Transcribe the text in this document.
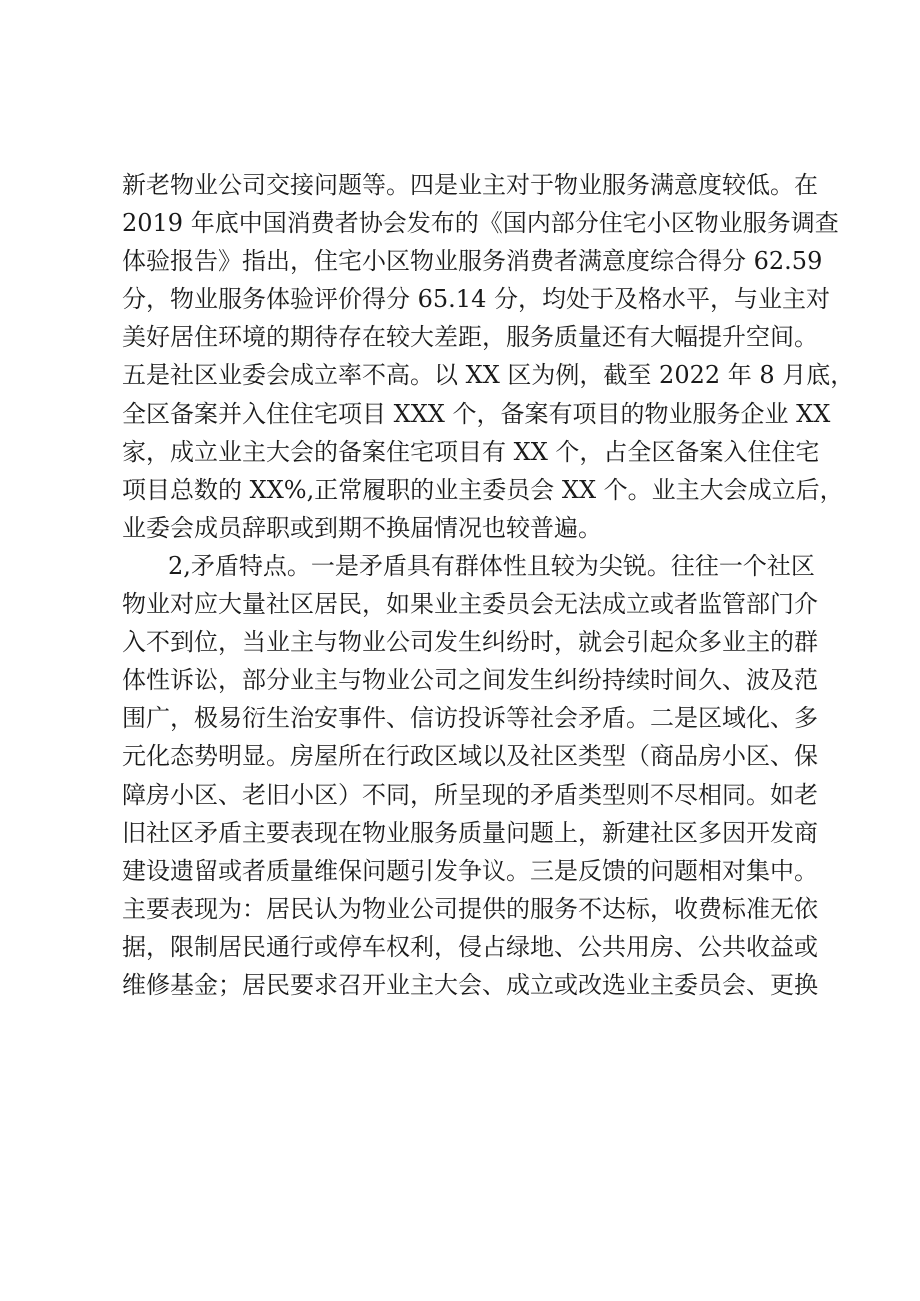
新老物业公司交接问题等。四是业主对于物业服务满意度较低。在
2019 年底中国消费者协会发布的《国内部分住宅小区物业服务调查
体验报告》指出，住宅小区物业服务消费者满意度综合得分 62.59
分，物业服务体验评价得分 65.14 分，均处于及格水平，与业主对
美好居住环境的期待存在较大差距，服务质量还有大幅提升空间。
五是社区业委会成立率不高。以 XX 区为例，截至 2022 年 8 月底，
全区备案并入住住宅项目 XXX 个，备案有项目的物业服务企业 XX
家，成立业主大会的备案住宅项目有 XX 个，占全区备案入住住宅
项目总数的 XX%,正常履职的业主委员会 XX 个。业主大会成立后，
业委会成员辞职或到期不换届情况也较普遍。
2,矛盾特点。一是矛盾具有群体性且较为尖锐。往往一个社区
物业对应大量社区居民，如果业主委员会无法成立或者监管部门介
入不到位，当业主与物业公司发生纠纷时，就会引起众多业主的群
体性诉讼，部分业主与物业公司之间发生纠纷持续时间久、波及范
围广，极易衍生治安事件、信访投诉等社会矛盾。二是区域化、多
元化态势明显。房屋所在行政区域以及社区类型（商品房小区、保
障房小区、老旧小区）不同，所呈现的矛盾类型则不尽相同。如老
旧社区矛盾主要表现在物业服务质量问题上，新建社区多因开发商
建设遗留或者质量维保问题引发争议。三是反馈的问题相对集中。
主要表现为：居民认为物业公司提供的服务不达标，收费标准无依
据，限制居民通行或停车权利，侵占绿地、公共用房、公共收益或
维修基金；居民要求召开业主大会、成立或改选业主委员会、更换
